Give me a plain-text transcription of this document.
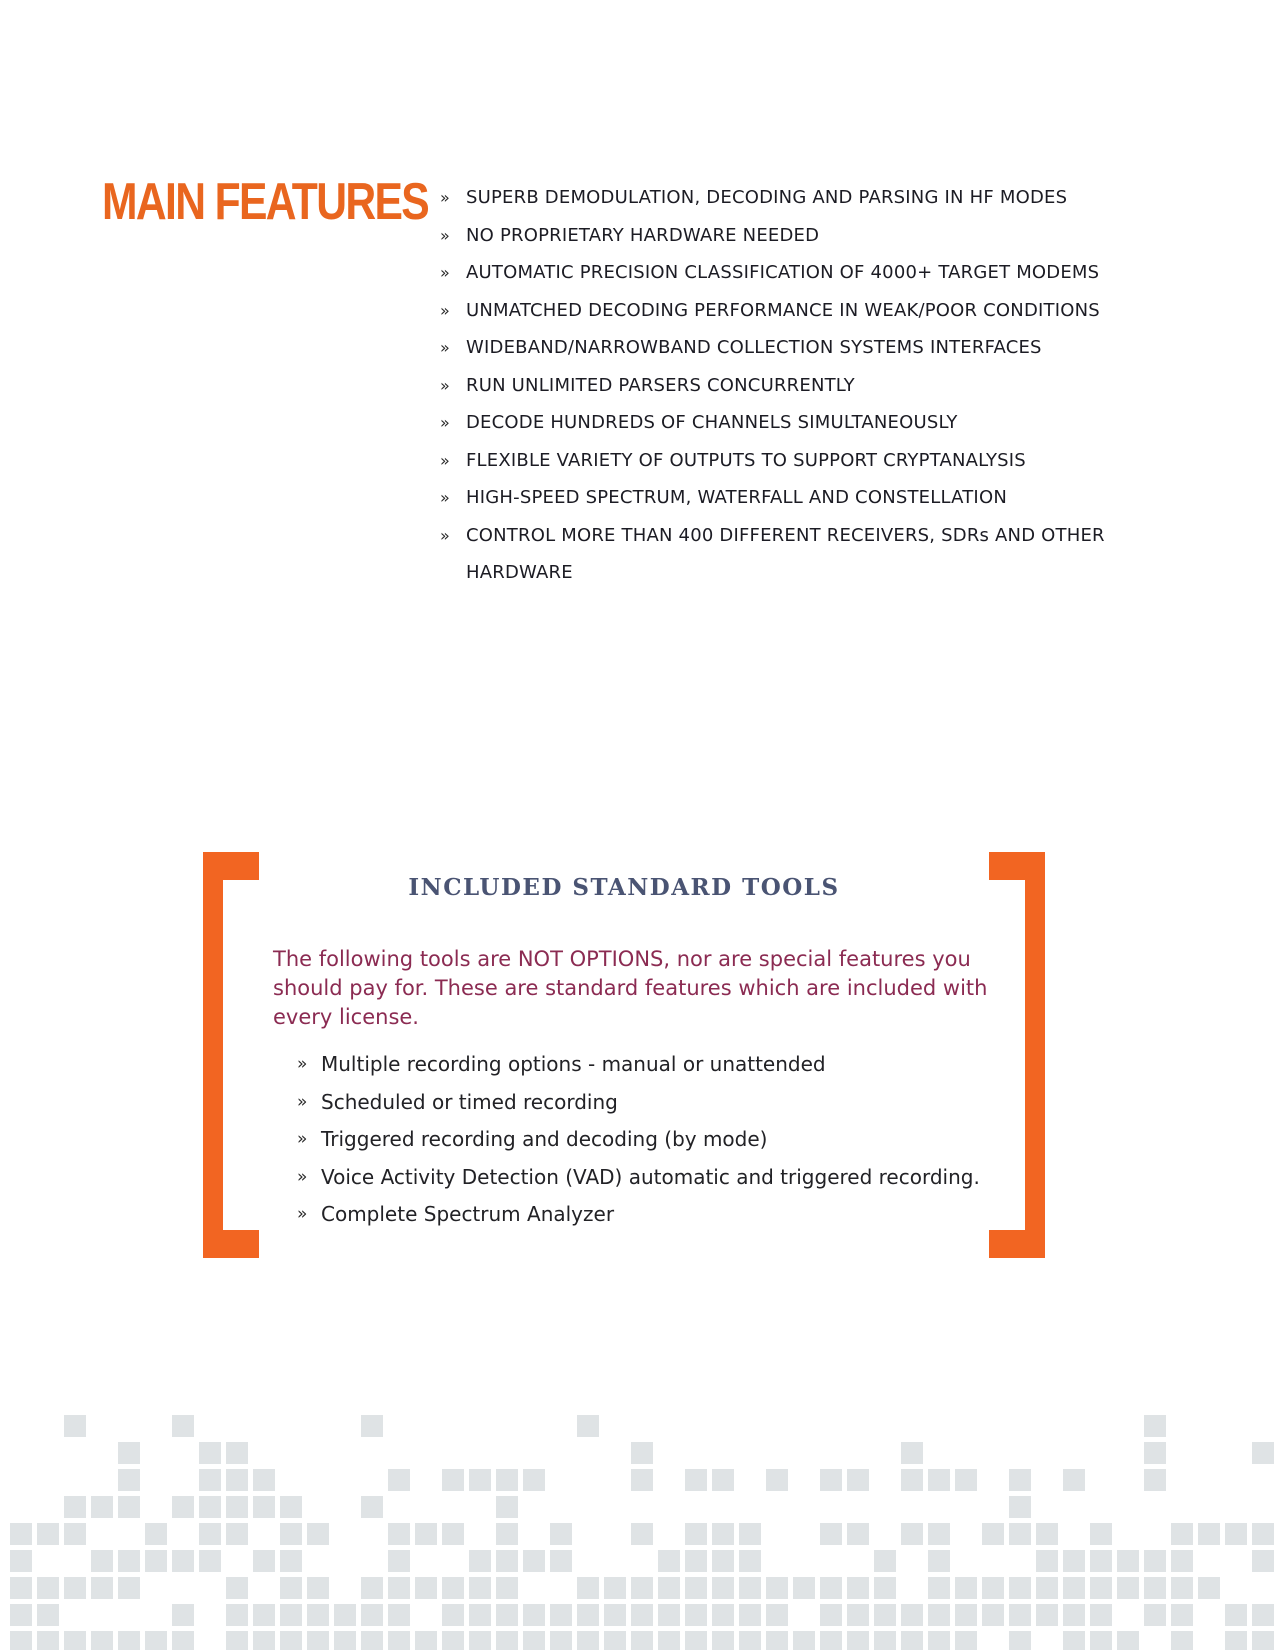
MAIN FEATURES » SUPERB DEMODULATION, DECODING AND PARSING IN HF MODES
» NO PROPRIETARY HARDWARE NEEDED
» AUTOMATIC PRECISION CLASSIFICATION OF 4000+ TARGET MODEMS
» UNMATCHED DECODING PERFORMANCE IN WEAK/POOR CONDITIONS
» WIDEBAND/NARROWBAND COLLECTION SYSTEMS INTERFACES
» RUN UNLIMITED PARSERS CONCURRENTLY
» DECODE HUNDREDS OF CHANNELS SIMULTANEOUSLY
» FLEXIBLE VARIETY OF OUTPUTS TO SUPPORT CRYPTANALYSIS
» HIGH-SPEED SPECTRUM, WATERFALL AND CONSTELLATION
» CONTROL MORE THAN 400 DIFFERENT RECEIVERS, SDRs AND OTHER
HARDWARE
INCLUDED STANDARD TOOLS

The following tools are NOT OPTIONS, nor are special features you should pay for. These are standard features which are included with every license.

» Multiple recording options - manual or unattended
» Scheduled or timed recording
» Triggered recording and decoding (by mode)
» Voice Activity Detection (VAD) automatic and triggered recording.
» Complete Spectrum Analyzer
